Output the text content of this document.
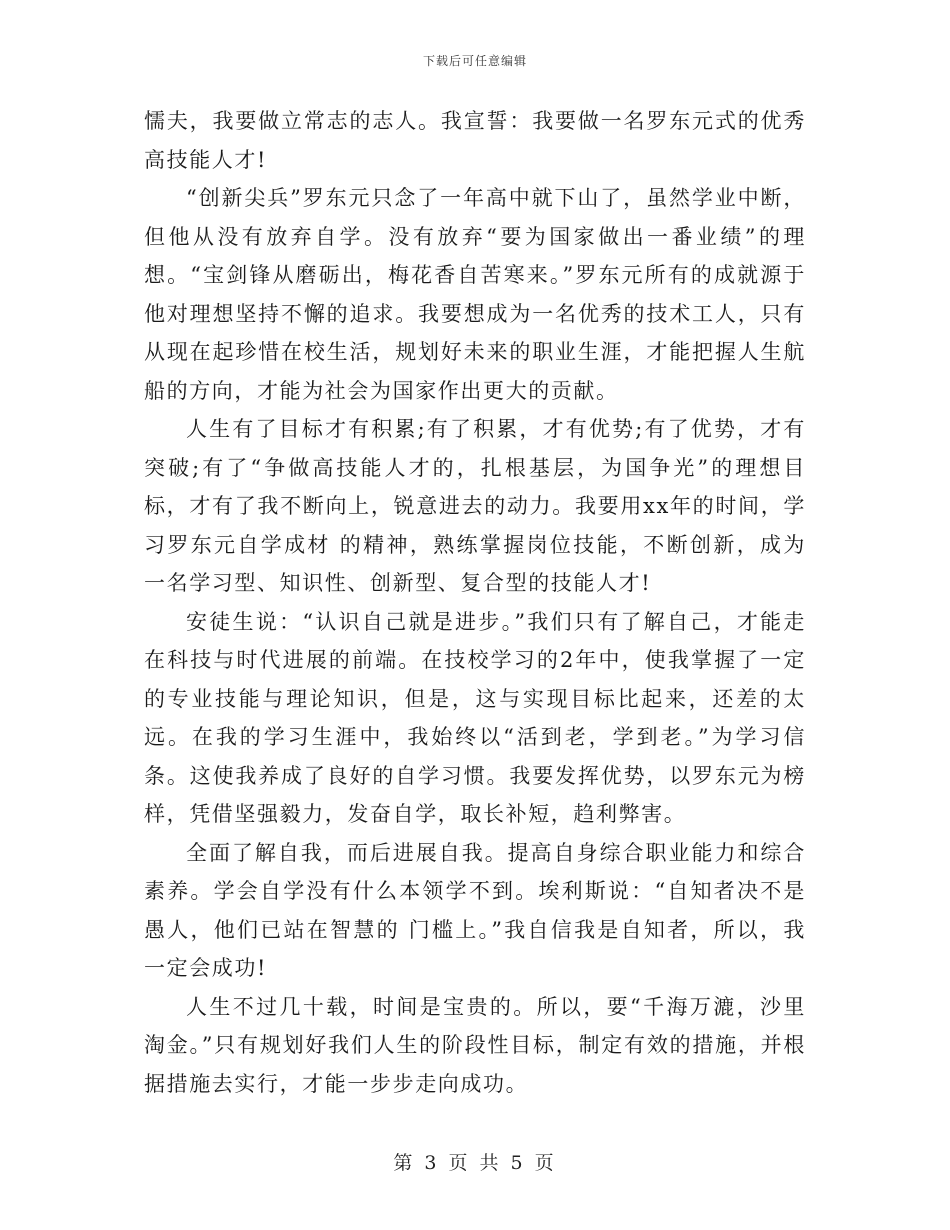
下载后可任意编辑

懦夫，我要做立常志的志人。我宣誓：我要做一名罗东元式的优秀高技能人才!

“创新尖兵”罗东元只念了一年高中就下山了，虽然学业中断，但他从没有放弃自学。没有放弃“要为国家做出一番业绩”的理想。“宝剑锋从磨砺出，梅花香自苦寒来。”罗东元所有的成就源于他对理想坚持不懈的追求。我要想成为一名优秀的技术工人，只有从现在起珍惜在校生活，规划好未来的职业生涯，才能把握人生航船的方向，才能为社会为国家作出更大的贡献。

人生有了目标才有积累;有了积累，才有优势;有了优势，才有突破;有了“争做高技能人才的，扎根基层，为国争光”的理想目标，才有了我不断向上，锐意进去的动力。我要用xx年的时间，学习罗东元自学成材 的精神，熟练掌握岗位技能，不断创新，成为一名学习型、知识性、创新型、复合型的技能人才!

安徒生说：“认识自己就是进步。”我们只有了解自己，才能走在科技与时代进展的前端。在技校学习的2年中，使我掌握了一定的专业技能与理论知识，但是，这与实现目标比起来，还差的太远。在我的学习生涯中，我始终以“活到老，学到老。”为学习信条。这使我养成了良好的自学习惯。我要发挥优势，以罗东元为榜样，凭借坚强毅力，发奋自学，取长补短，趋利弊害。

全面了解自我，而后进展自我。提高自身综合职业能力和综合素养。学会自学没有什么本领学不到。埃利斯说：“自知者决不是愚人，他们已站在智慧的 门槛上。”我自信我是自知者，所以，我一定会成功!

人生不过几十载，时间是宝贵的。所以，要“千海万漉，沙里淘金。”只有规划好我们人生的阶段性目标，制定有效的措施，并根据措施去实行，才能一步步走向成功。

第 3 页 共 5 页
